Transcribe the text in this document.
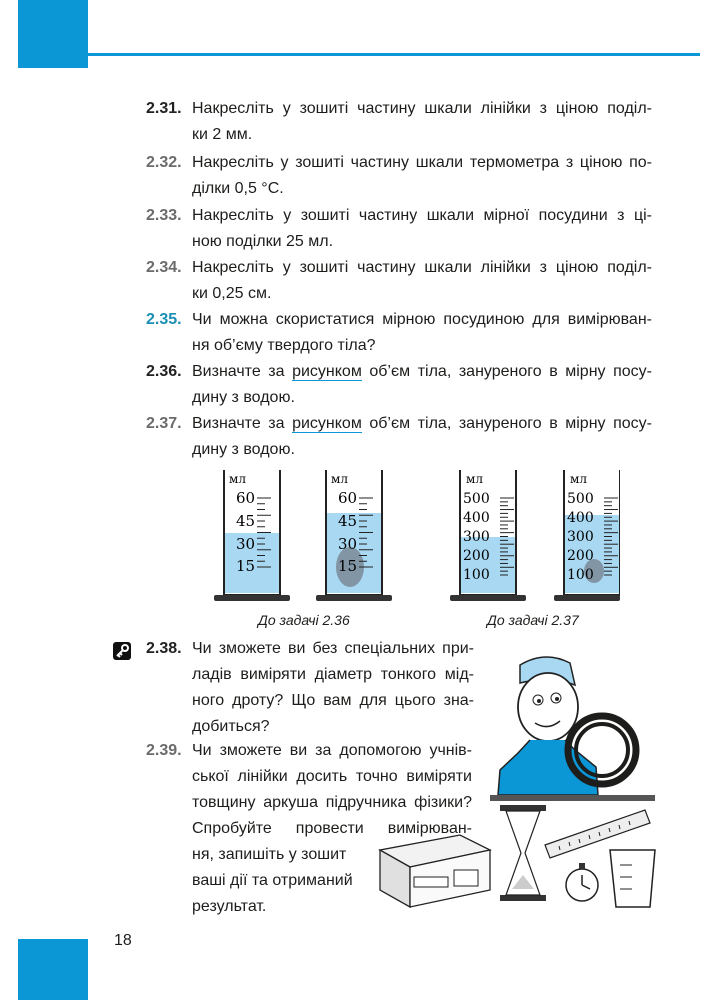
2.31. Накресліть у зошиті частину шкали лінійки з ціною поділ-
ки 2 мм.
2.32. Накресліть у зошиті частину шкали термометра з ціною по-
ділки 0,5 °С.
2.33. Накресліть у зошиті частину шкали мірної посудини з ці-
ною поділки 25 мл.
2.34. Накресліть у зошиті частину шкали лінійки з ціною поділ-
ки 0,25 см.
2.35. Чи можна скористатися мірною посудиною для вимірюван-
ня об’єму твердого тіла?
2.36. Визначте за рисунком об’єм тіла, зануреного в мірну посу-
дину з водою.
2.37. Визначте за рисунком об’єм тіла, зануреного в мірну посу-
дину з водою.
мл
60
45
30
15
мл
60
45
30
15
мл
500
400
300
200
100
мл
500
400
300
200
100
До задачі 2.36	До задачі 2.37
2.38. Чи зможете ви без спеціальних при-
ладів виміряти діаметр тонкого мід-
ного дроту? Що вам для цього зна-
добиться?
2.39. Чи зможете ви за допомогою учнів-
ської лінійки досить точно виміряти
товщину аркуша підручника фізики?
Спробуйте провести вимірюван-
ня, запишіть у зошит
ваші дії та отриманий
результат.
18
